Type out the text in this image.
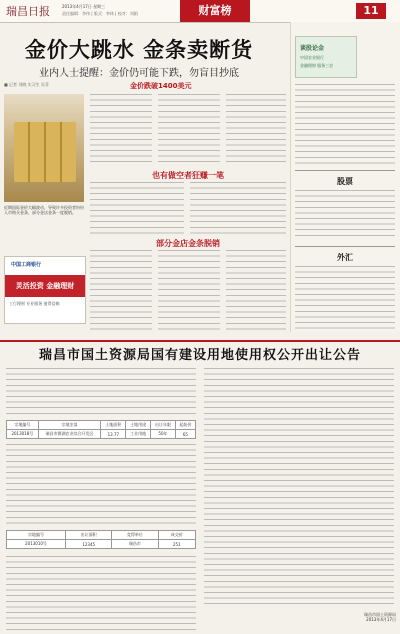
瑞昌日报	2013年4月17日 星期三
责任编辑：李伟 | 版式：李林 | 校对：刘娟	财富榜	11
金价大跳水 金条卖断货
业内人士提醒：金价仍可能下跌，勿盲目抄底
■ 记者 刘晓 实习生 吴菲	金价跌破1400美元
近期国际金价大幅波动，导致许多投资者纷纷入市购买金条，部分金店金条一度脱销。
中国工商银行
灵活投资 金融理财
工行理财 专业服务 值得信赖
也有做空者狂赚一笔
部分金店金条脱销
谈股论金
中国农业银行
金融理财 服务三农
股票
外汇
瑞昌市国土资源局国有建设用地使用权公开出让公告
宗地编号	宗地坐落	土地面积	土地用途	出让年限	起始价
2013018号	瑞昌市赛湖农业综合开发区	13.77	工业用地	50年	65
宗地编号	出让面积	竞得单位	成交价
2013010号	12345	瑞昌市	251
瑞昌市国土资源局
2013年4月17日
